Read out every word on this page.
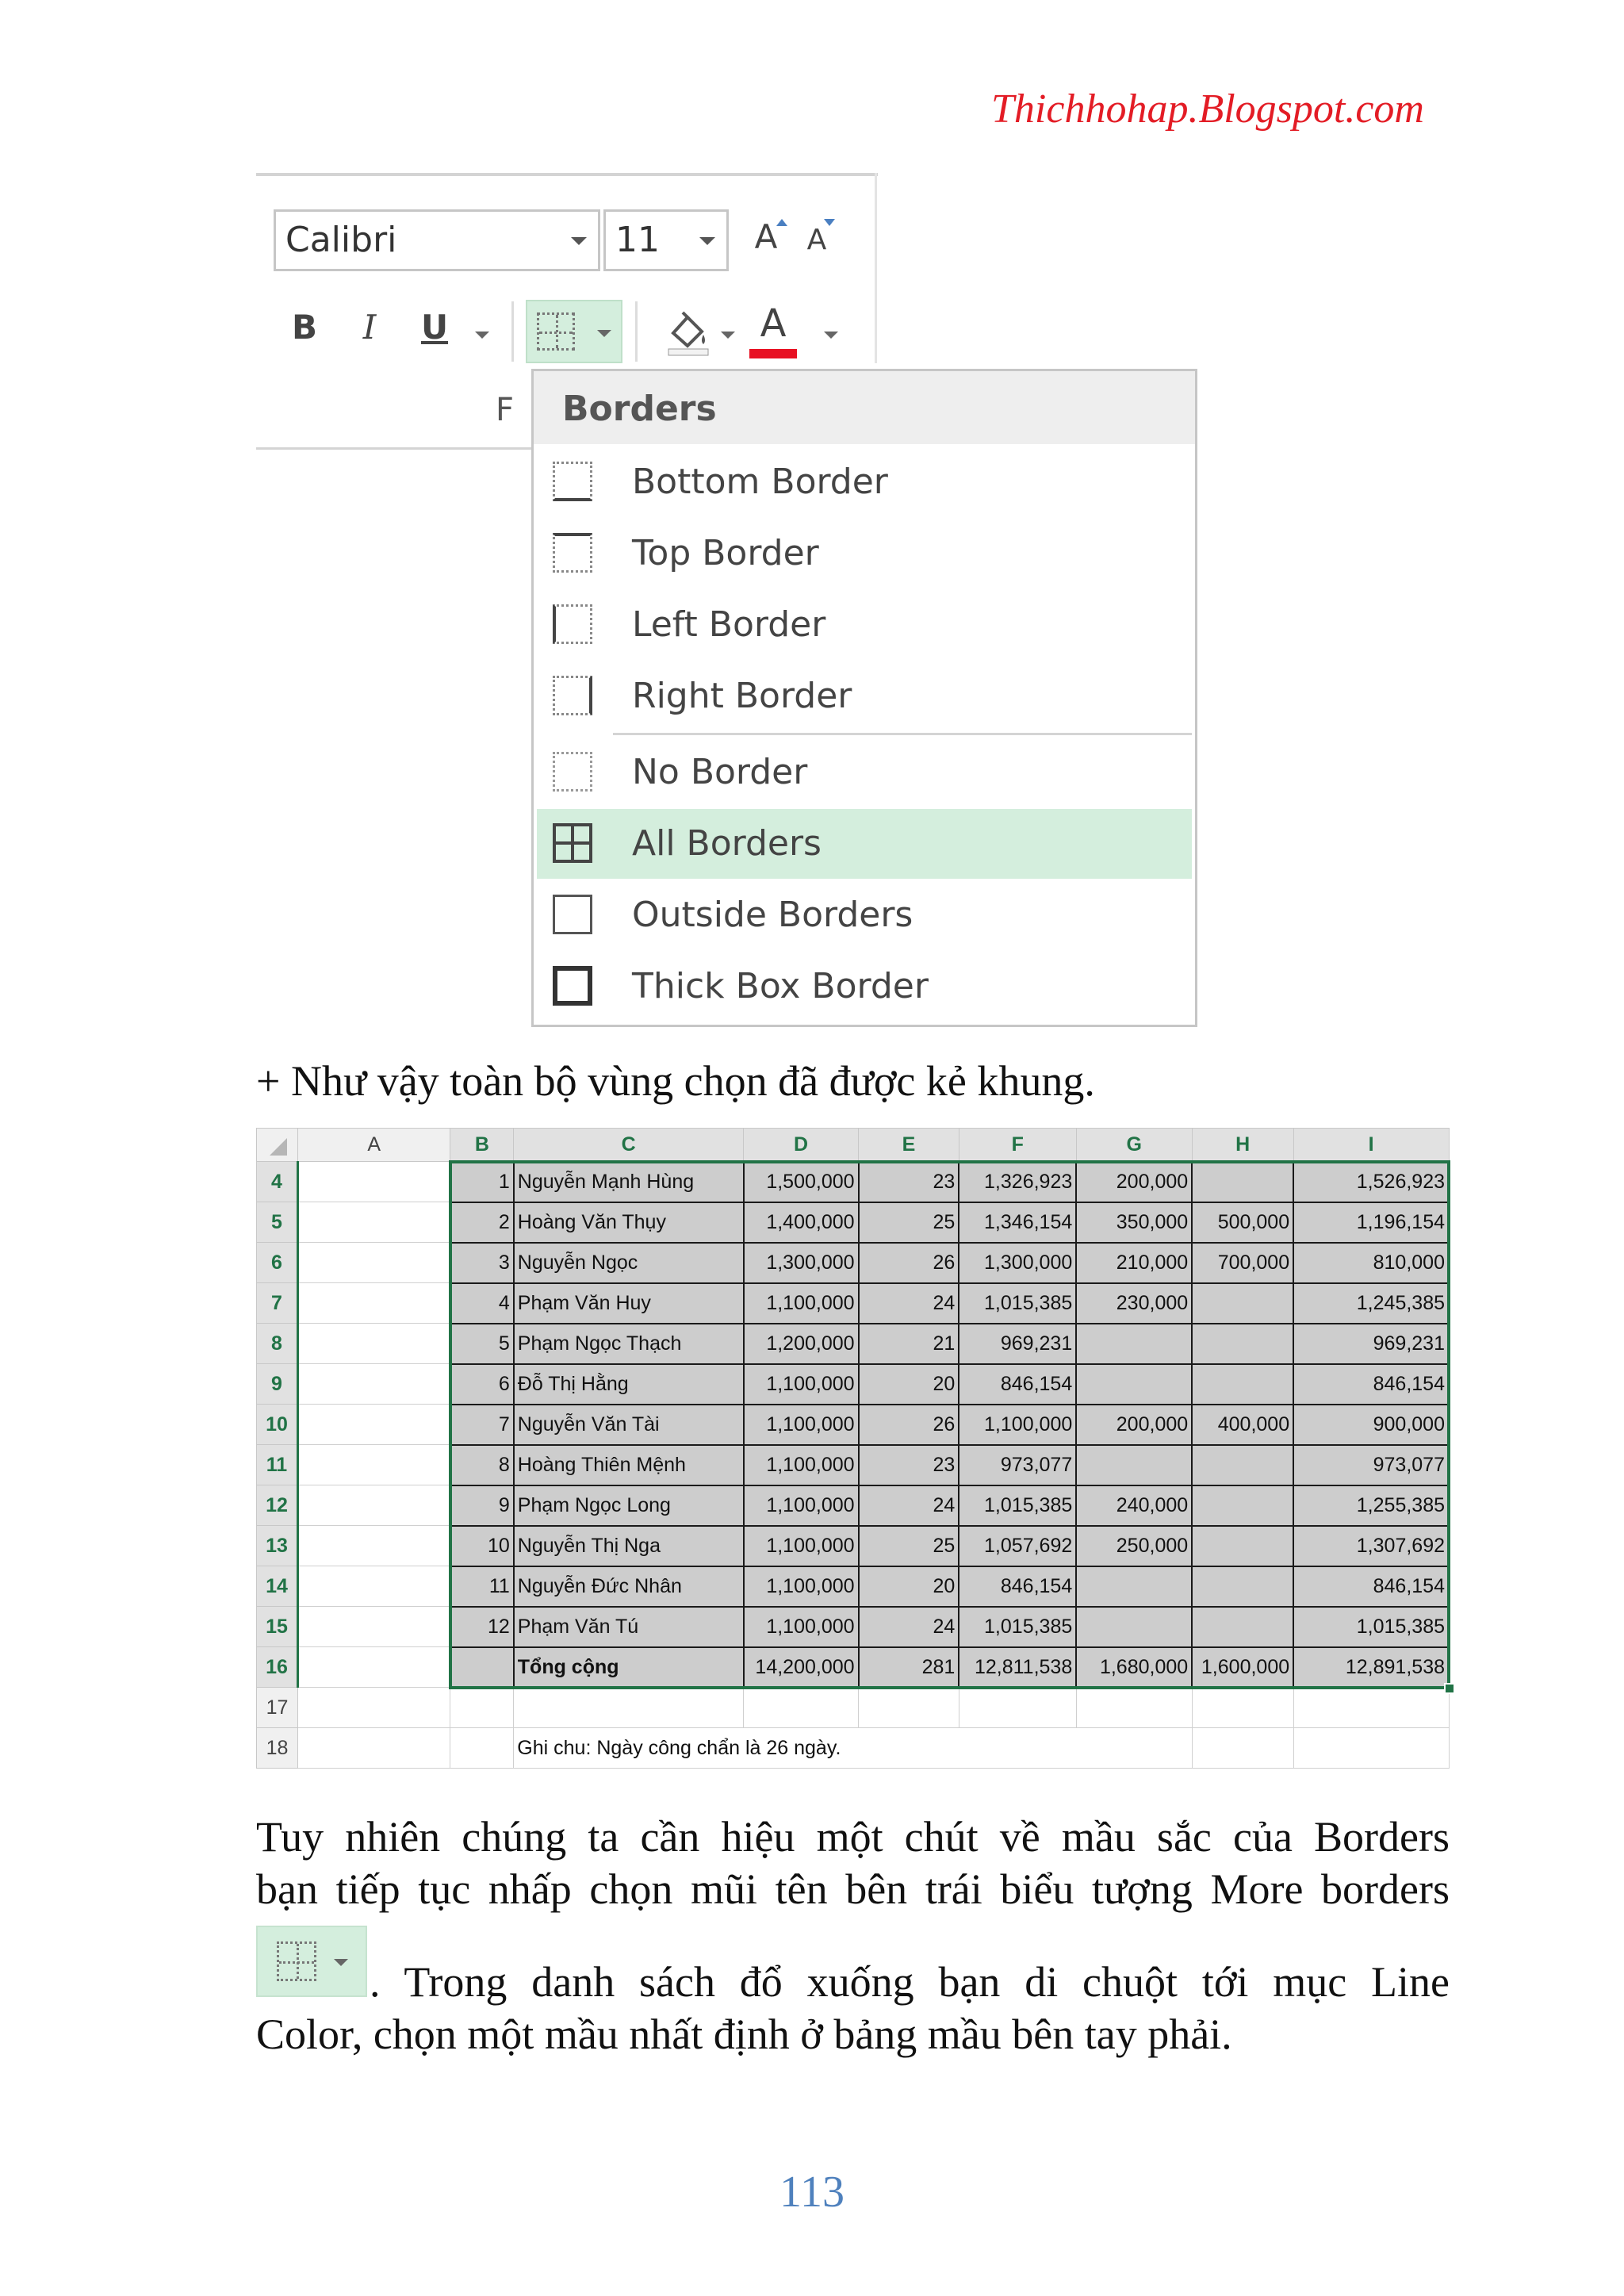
Thichhohap.Blogspot.com
Calibri	11	A	A
B	I	U	A
F Borders
Bottom Border
Top Border
Left Border
Right Border
No Border
All Borders
Outside Borders
Thick Box Border
+ Như vậy toàn bộ vùng chọn đã được kẻ khung.
	A	B	C	D	E	F	G	H	I
4		1	Nguyễn Mạnh Hùng	1,500,000	23	1,326,923	200,000		1,526,923
5		2	Hoàng Văn Thụy	1,400,000	25	1,346,154	350,000	500,000	1,196,154
6		3	Nguyễn Ngọc	1,300,000	26	1,300,000	210,000	700,000	810,000
7		4	Phạm Văn Huy	1,100,000	24	1,015,385	230,000		1,245,385
8		5	Phạm Ngọc Thạch	1,200,000	21	969,231			969,231
9		6	Đỗ Thị Hằng	1,100,000	20	846,154			846,154
10		7	Nguyễn Văn Tài	1,100,000	26	1,100,000	200,000	400,000	900,000
11		8	Hoàng Thiên Mệnh	1,100,000	23	973,077			973,077
12		9	Phạm Ngọc Long	1,100,000	24	1,015,385	240,000		1,255,385
13		10	Nguyễn Thị Nga	1,100,000	25	1,057,692	250,000		1,307,692
14		11	Nguyễn Đức Nhân	1,100,000	20	846,154			846,154
15		12	Phạm Văn Tú	1,100,000	24	1,015,385			1,015,385
16			Tổng cộng	14,200,000	281	12,811,538	1,680,000	1,600,000	12,891,538
17									
18			Ghi chu: Ngày công chẩn là 26 ngày.						
Tuy nhiên chúng ta cần hiệu một chút về mầu sắc của Borders
bạn tiếp tục nhấp chọn mũi tên bên trái biểu tượng More borders
. Trong danh sách đổ xuống bạn di chuột tới mục Line
Color, chọn một mầu nhất định ở bảng mầu bên tay phải.
113
